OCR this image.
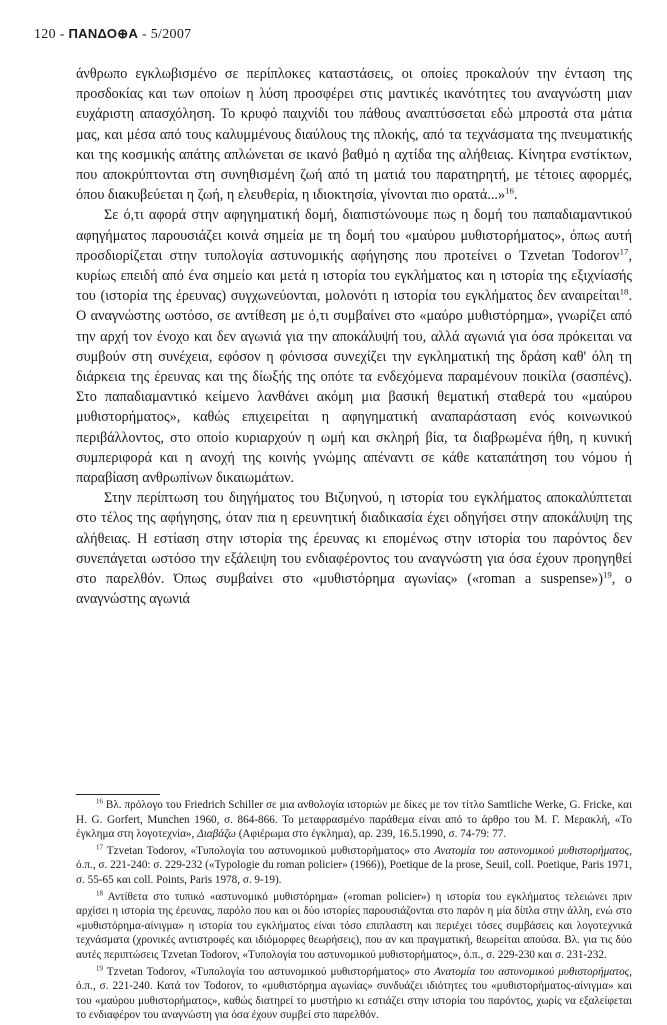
120 - ΠΑΝΔΟ⊕Α - 5/2007

άνθρωπο εγκλωβισμένο σε περίπλοκες καταστάσεις, οι οποίες προκαλούν την ένταση της προσδοκίας και των οποίων η λύση προσφέρει στις μαντικές ικανότητες του αναγνώστη μιαν ευχάριστη απασχόληση. Το κρυφό παιχνίδι του πάθους αναπτύσσεται εδώ μπροστά στα μάτια μας, και μέσα από τους καλυμμένους διαύλους της πλοκής, από τα τεχνάσματα της πνευματικής και της κοσμικής απάτης απλώνεται σε ικανό βαθμό η αχτίδα της αλήθειας. Κίνητρα ενστίκτων, που αποκρύπτονται στη συνηθισμένη ζωή από τη ματιά του παρατηρητή, με τέτοιες αφορμές, όπου διακυβεύεται η ζωή, η ελευθερία, η ιδιοκτησία, γίνονται πιο ορατά...»$^{16}$.

Σε ό,τι αφορά στην αφηγηματική δομή, διαπιστώνουμε πως η δομή του παπαδιαμαντικού αφηγήματος παρουσιάζει κοινά σημεία με τη δομή του «μαύρου μυθιστορήματος», όπως αυτή προσδιορίζεται στην τυπολογία αστυνομικής αφήγησης που προτείνει ο Tzvetan Todorov$^{17}$, κυρίως επειδή από ένα σημείο και μετά η ιστορία του εγκλήματος και η ιστορία της εξιχνίασής του (ιστορία της έρευνας) συγχωνεύονται, μολονότι η ιστορία του εγκλήματος δεν αναιρείται$^{18}$. Ο αναγνώστης ωστόσο, σε αντίθεση με ό,τι συμβαίνει στο «μαύρο μυθιστόρημα», γνωρίζει από την αρχή τον ένοχο και δεν αγωνιά για την αποκάλυψή του, αλλά αγωνιά για όσα πρόκειται να συμβούν στη συνέχεια, εφόσον η φόνισσα συνεχίζει την εγκληματική της δράση καθ' όλη τη διάρκεια της έρευνας και της δίωξής της οπότε τα ενδεχόμενα παραμένουν ποικίλα (σασπένς). Στο παπαδιαμαντικό κείμενο λανθάνει ακόμη μια βασική θεματική σταθερά του «μαύρου μυθιστορήματος», καθώς επιχειρείται η αφηγηματική αναπαράσταση ενός κοινωνικού περιβάλλοντος, στο οποίο κυριαρχούν η ωμή και σκληρή βία, τα διαβρωμένα ήθη, η κυνική συμπεριφορά και η ανοχή της κοινής γνώμης απέναντι σε κάθε καταπάτηση του νόμου ή παραβίαση ανθρωπίνων δικαιωμάτων.

Στην περίπτωση του διηγήματος του Βιζυηνού, η ιστορία του εγκλήματος αποκαλύπτεται στο τέλος της αφήγησης, όταν πια η ερευνητική διαδικασία έχει οδηγήσει στην αποκάλυψη της αλήθειας. Η εστίαση στην ιστορία της έρευνας κι επομένως στην ιστορία του παρόντος δεν συνεπάγεται ωστόσο την εξάλειψη του ενδιαφέροντος του αναγνώστη για όσα έχουν προηγηθεί στο παρελθόν. Όπως συμβαίνει στο «μυθιστόρημα αγωνίας» («roman a suspense»)$^{19}$, ο αναγνώστης αγωνιά

$^{16}$ Βλ. πρόλογο του Friedrich Schiller σε μια ανθολογία ιστοριών με δίκες με τον τίτλο Samtliche Werke, G. Fricke, και H. G. Gorfert, Munchen 1960, σ. 864-866. Το μεταφρασμένο παράθεμα είναι από το άρθρο του Μ. Γ. Μερακλή, «Το έγκλημα στη λογοτεχνία», Διαβάζω (Αφιέρωμα στο έγκλημα), αρ. 239, 16.5.1990, σ. 74-79: 77.

$^{17}$ Tzvetan Todorov, «Τυπολογία του αστυνομικού μυθιστορήματος» στο Ανατομία του αστυνομικού μυθιστορήματος, ό.π., σ. 221-240: σ. 229-232 («Typologie du roman policier» (1966)), Poetique de la prose, Seuil, coll. Poetique, Paris 1971, σ. 55-65 και coll. Points, Paris 1978, σ. 9-19).

$^{18}$ Αντίθετα στο τυπικό «αστυνομικό μυθιστόρημα» («roman policier») η ιστορία του εγκλήματος τελειώνει πριν αρχίσει η ιστορία της έρευνας, παρόλο που και οι δύο ιστορίες παρουσιάζονται στο παρόν η μία δίπλα στην άλλη, ενώ στο «μυθιστόρημα-αίνιγμα» η ιστορία του εγκλήματος είναι τόσο επιπλαστη και περιέχει τόσες συμβάσεις και λογοτεχνικά τεχνάσματα (χρονικές αντιστροφές και ιδιόμορφες θεωρήσεις), που αν και πραγματική, θεωρείται απούσα. Βλ. για τις δύο αυτές περιπτώσεις Tzvetan Todorov, «Τυπολογία του αστυνομικού μυθιστορήματος», ό.π., σ. 229-230 και σ. 231-232.

$^{19}$ Tzvetan Todorov, «Τυπολογία του αστυνομικού μυθιστορήματος» στο Ανατομία του αστυνομικού μυθιστορήματος, ό.π., σ. 221-240. Κατά τον Todorov, το «μυθιστόρημα αγωνίας» συνδυάζει ιδιότητες του «μυθιστορήματος-αίνιγμα» και του «μαύρου μυθιστορήματος», καθώς διατηρεί το μυστήριο κι εστιάζει στην ιστορία του παρόντος, χωρίς να εξαλείφεται το ενδιαφέρον του αναγνώστη για όσα έχουν συμβεί στο παρελθόν.
